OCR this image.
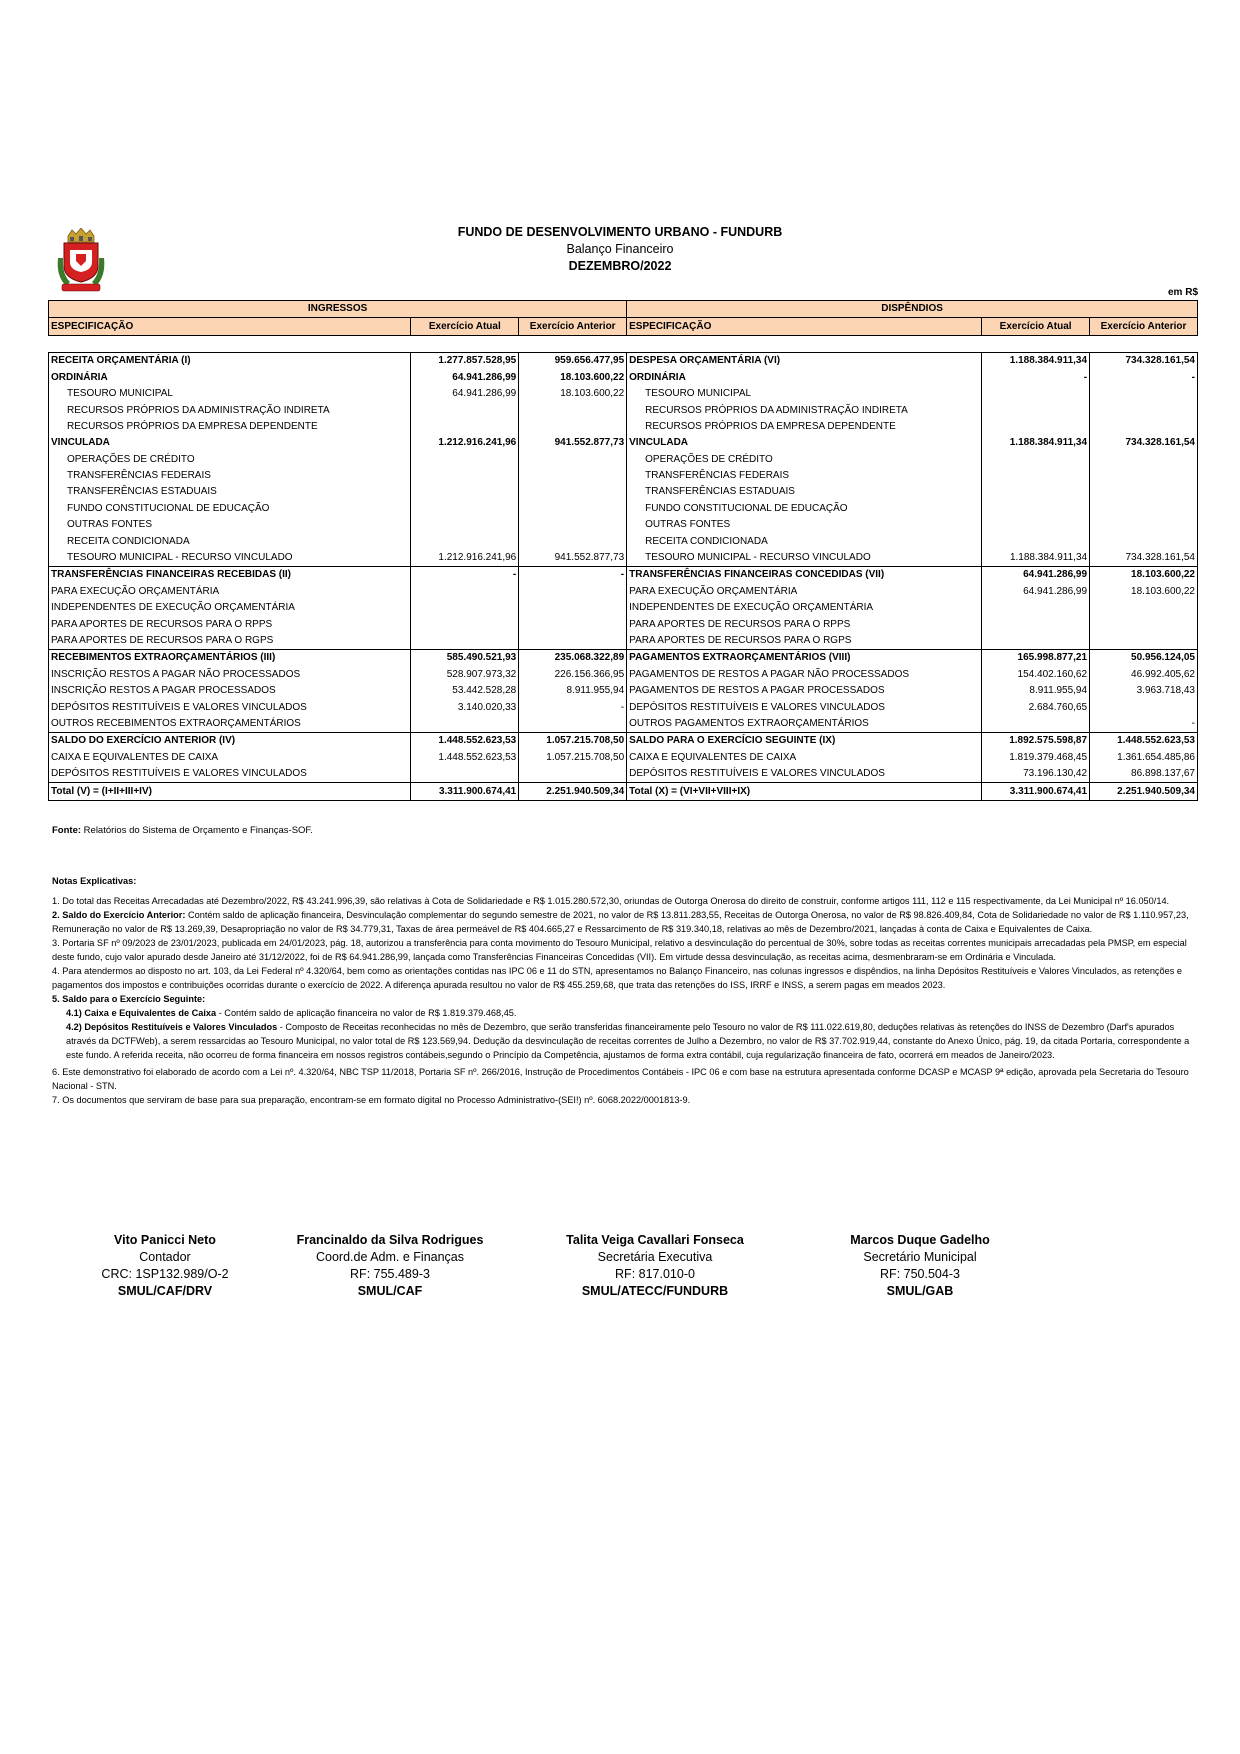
FUNDO DE DESENVOLVIMENTO URBANO - FUNDURB
Balanço Financeiro
DEZEMBRO/2022
em R$
INGRESSOS			DISPÊNDIOS		
ESPECIFICAÇÃO	Exercício Atual	Exercício Anterior	ESPECIFICAÇÃO	Exercício Atual	Exercício Anterior

RECEITA ORÇAMENTÁRIA (I)	1.277.857.528,95	959.656.477,95	DESPESA ORÇAMENTÁRIA (VI)	1.188.384.911,34	734.328.161,54
ORDINÁRIA	64.941.286,99	18.103.600,22	ORDINÁRIA	-	-
TESOURO MUNICIPAL	64.941.286,99	18.103.600,22	TESOURO MUNICIPAL		
RECURSOS PRÓPRIOS DA ADMINISTRAÇÃO INDIRETA			RECURSOS PRÓPRIOS DA ADMINISTRAÇÃO INDIRETA		
RECURSOS PRÓPRIOS DA EMPRESA DEPENDENTE			RECURSOS PRÓPRIOS DA EMPRESA DEPENDENTE		
VINCULADA	1.212.916.241,96	941.552.877,73	VINCULADA	1.188.384.911,34	734.328.161,54
OPERAÇÕES DE CRÉDITO			OPERAÇÕES DE CRÉDITO		
TRANSFERÊNCIAS FEDERAIS			TRANSFERÊNCIAS FEDERAIS		
TRANSFERÊNCIAS ESTADUAIS			TRANSFERÊNCIAS ESTADUAIS		
FUNDO CONSTITUCIONAL DE EDUCAÇÃO			FUNDO CONSTITUCIONAL DE EDUCAÇÃO		
OUTRAS FONTES			OUTRAS FONTES		
RECEITA CONDICIONADA			RECEITA CONDICIONADA		
TESOURO MUNICIPAL - RECURSO VINCULADO	1.212.916.241,96	941.552.877,73	TESOURO MUNICIPAL - RECURSO VINCULADO	1.188.384.911,34	734.328.161,54
TRANSFERÊNCIAS FINANCEIRAS RECEBIDAS (II)	-	-	TRANSFERÊNCIAS FINANCEIRAS CONCEDIDAS (VII)	64.941.286,99	18.103.600,22
PARA EXECUÇÃO ORÇAMENTÁRIA			PARA EXECUÇÃO ORÇAMENTÁRIA	64.941.286,99	18.103.600,22
INDEPENDENTES DE EXECUÇÃO ORÇAMENTÁRIA			INDEPENDENTES DE EXECUÇÃO ORÇAMENTÁRIA		
PARA APORTES DE RECURSOS PARA O RPPS			PARA APORTES DE RECURSOS PARA O RPPS		
PARA APORTES DE RECURSOS PARA O RGPS			PARA APORTES DE RECURSOS PARA O RGPS		
RECEBIMENTOS EXTRAORÇAMENTÁRIOS (III)	585.490.521,93	235.068.322,89	PAGAMENTOS EXTRAORÇAMENTÁRIOS (VIII)	165.998.877,21	50.956.124,05
INSCRIÇÃO RESTOS A PAGAR NÃO PROCESSADOS	528.907.973,32	226.156.366,95	PAGAMENTOS DE RESTOS A PAGAR NÃO PROCESSADOS	154.402.160,62	46.992.405,62
INSCRIÇÃO RESTOS A PAGAR PROCESSADOS	53.442.528,28	8.911.955,94	PAGAMENTOS DE RESTOS A PAGAR PROCESSADOS	8.911.955,94	3.963.718,43
DEPÓSITOS RESTITUÍVEIS E VALORES VINCULADOS	3.140.020,33	-	DEPÓSITOS RESTITUÍVEIS E VALORES VINCULADOS	2.684.760,65	
OUTROS RECEBIMENTOS EXTRAORÇAMENTÁRIOS			OUTROS PAGAMENTOS EXTRAORÇAMENTÁRIOS		-
SALDO DO EXERCÍCIO ANTERIOR (IV)	1.448.552.623,53	1.057.215.708,50	SALDO PARA O EXERCÍCIO SEGUINTE (IX)	1.892.575.598,87	1.448.552.623,53
CAIXA E EQUIVALENTES DE CAIXA	1.448.552.623,53	1.057.215.708,50	CAIXA E EQUIVALENTES DE CAIXA	1.819.379.468,45	1.361.654.485,86
DEPÓSITOS RESTITUÍVEIS E VALORES VINCULADOS			DEPÓSITOS RESTITUÍVEIS E VALORES VINCULADOS	73.196.130,42	86.898.137,67
Total (V) = (I+II+III+IV)	3.311.900.674,41	2.251.940.509,34	Total (X) = (VI+VII+VIII+IX)	3.311.900.674,41	2.251.940.509,34
Fonte: Relatórios do Sistema de Orçamento e Finanças-SOF.

Notas Explicativas:

1. Do total das Receitas Arrecadadas até Dezembro/2022, R$ 43.241.996,39, são relativas à Cota de Solidariedade e R$ 1.015.280.572,30, oriundas de Outorga Onerosa do direito de construir, conforme artigos 111, 112 e 115 respectivamente, da Lei Municipal nº 16.050/14.

2. Saldo do Exercício Anterior: Contém saldo de aplicação financeira, Desvinculação complementar do segundo semestre de 2021, no valor de R$ 13.811.283,55, Receitas de Outorga Onerosa, no valor de R$ 98.826.409,84, Cota de Solidariedade no valor de R$ 1.110.957,23, Remuneração no valor de R$ 13.269,39, Desapropriação no valor de R$ 34.779,31, Taxas de área permeável de R$ 404.665,27 e Ressarcimento de R$ 319.340,18, relativas ao mês de Dezembro/2021, lançadas à conta de Caixa e Equivalentes de Caixa.

3. Portaria SF nº 09/2023 de 23/01/2023, publicada em 24/01/2023, pág. 18, autorizou a transferência para conta movimento do Tesouro Municipal, relativo a desvinculação do percentual de 30%, sobre todas as receitas correntes municipais arrecadadas pela PMSP, em especial deste fundo, cujo valor apurado desde Janeiro até 31/12/2022, foi de R$ 64.941.286,99, lançada como Transferências Financeiras Concedidas (VII). Em virtude dessa desvinculação, as receitas acima, desmenbraram-se em Ordinária e Vinculada.

4. Para atendermos ao disposto no art. 103, da Lei Federal nº 4.320/64, bem como as orientações contidas nas IPC 06 e 11 do STN, apresentamos no Balanço Financeiro, nas colunas ingressos e dispêndios, na linha Depósitos Restituíveis e Valores Vinculados, as retenções e pagamentos dos impostos e contribuições ocorridas durante o exercício de 2022. A diferença apurada resultou no valor de R$ 455.259,68, que trata das retenções do ISS, IRRF e INSS, a serem pagas em meados 2023.

5. Saldo para o Exercício Seguinte:

4.1) Caixa e Equivalentes de Caixa - Contém saldo de aplicação financeira no valor de R$ 1.819.379.468,45.

4.2) Depósitos Restituíveis e Valores Vinculados - Composto de Receitas reconhecidas no mês de Dezembro, que serão transferidas financeiramente pelo Tesouro no valor de R$ 111.022.619,80, deduções relativas às retenções do INSS de Dezembro (Darf's apurados através da DCTFWeb), a serem ressarcidas ao Tesouro Municipal, no valor total de R$ 123.569,94. Dedução da desvinculação de receitas correntes de Julho a Dezembro, no valor de R$ 37.702.919,44, constante do Anexo Único, pág. 19, da citada Portaria, correspondente a este fundo. A referida receita, não ocorreu de forma financeira em nossos registros contábeis,segundo o Princípio da Competência, ajustamos de forma extra contábil, cuja regularização financeira de fato, ocorrerá em meados de Janeiro/2023.

6. Este demonstrativo foi elaborado de acordo com a Lei nº. 4.320/64, NBC TSP 11/2018, Portaria SF nº. 266/2016, Instrução de Procedimentos Contábeis - IPC 06 e com base na estrutura apresentada conforme DCASP e MCASP 9ª edição, aprovada pela Secretaria do Tesouro Nacional - STN.

7. Os documentos que serviram de base para sua preparação, encontram-se em formato digital no Processo Administrativo-(SEI!) nº. 6068.2022/0001813-9.

Vito Panicci Neto
Contador
CRC: 1SP132.989/O-2
SMUL/CAF/DRV
Francinaldo da Silva Rodrigues
Coord.de Adm. e Finanças
RF: 755.489-3
SMUL/CAF
Talita Veiga Cavallari Fonseca
Secretária Executiva
RF: 817.010-0
SMUL/ATECC/FUNDURB
Marcos Duque Gadelho
Secretário Municipal
RF: 750.504-3
SMUL/GAB
